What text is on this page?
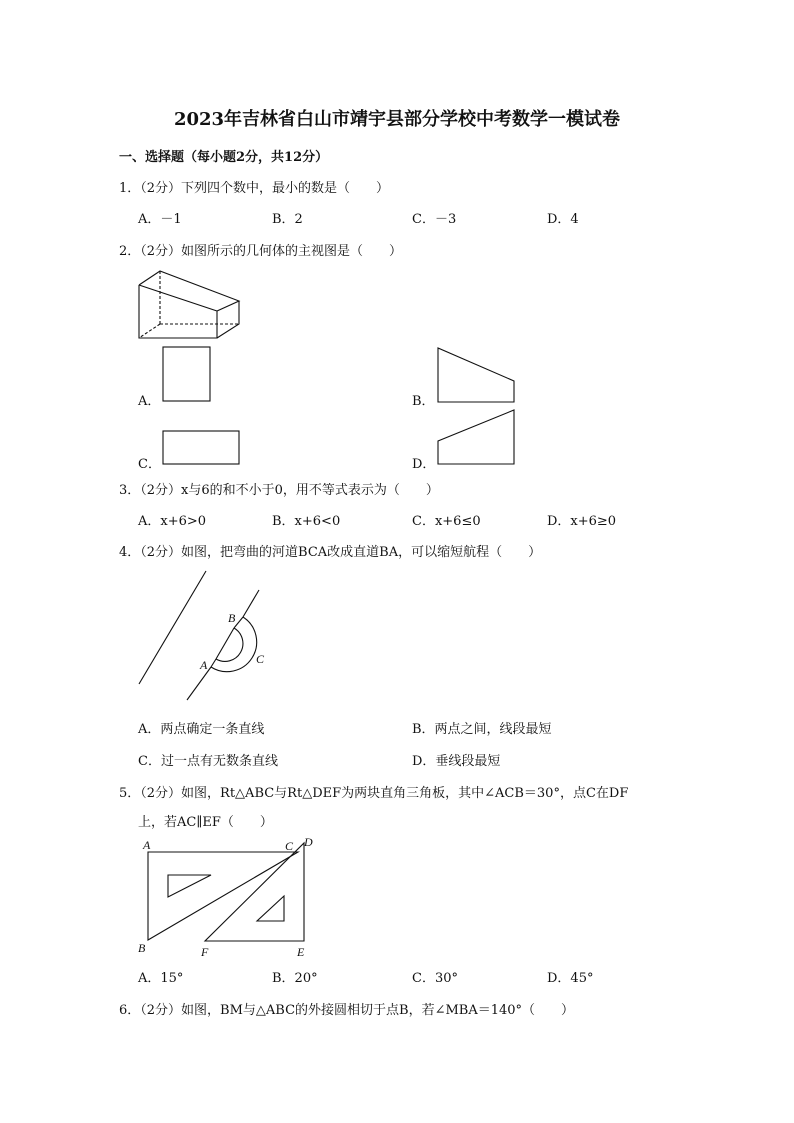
2023年吉林省白山市靖宇县部分学校中考数学一模试卷
一、选择题（每小题2分，共12分）
1．（2分）下列四个数中，最小的数是（　　）
A．－1	B．2	C．－3	D．4
2．（2分）如图所示的几何体的主视图是（　　）
A．	B．
C．	D．
3．（2分）x与6的和不小于0，用不等式表示为（　　）
A．x+6>0	B．x+6<0	C．x+6≤0	D．x+6≥0
4．（2分）如图，把弯曲的河道BCA改成直道BA，可以缩短航程（　　）
B
A	C
A．两点确定一条直线	B．两点之间，线段最短
C．过一点有无数条直线	D．垂线段最短
5．（2分）如图，Rt△ABC与Rt△DEF为两块直角三角板，其中∠ACB＝30°，点C在DF
上，若AC∥EF（　　）
A	C D
B	F	E
A．15°	B．20°	C．30°	D．45°
6．（2分）如图，BM与△ABC的外接圆相切于点B，若∠MBA＝140°（　　）
